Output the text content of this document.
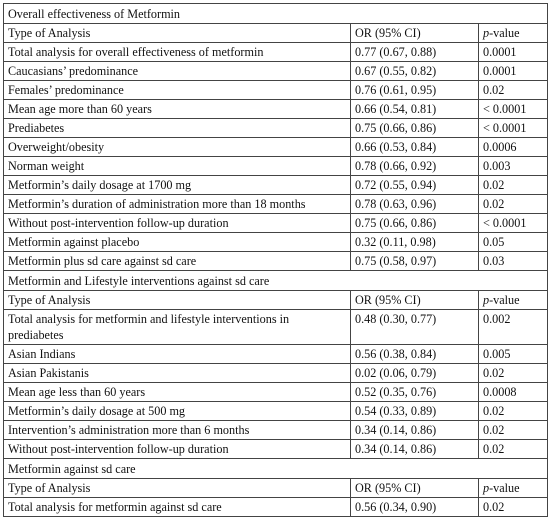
Overall effectiveness of Metformin		
Type of Analysis	OR (95% CI)	p-value
Total analysis for overall effectiveness of metformin	0.77 (0.67, 0.88)	0.0001
Caucasians’ predominance	0.67 (0.55, 0.82)	0.0001
Females’ predominance	0.76 (0.61, 0.95)	0.02
Mean age more than 60 years	0.66 (0.54, 0.81)	< 0.0001
Prediabetes	0.75 (0.66, 0.86)	< 0.0001
Overweight/obesity	0.66 (0.53, 0.84)	0.0006
Norman weight	0.78 (0.66, 0.92)	0.003
Metformin’s daily dosage at 1700 mg	0.72 (0.55, 0.94)	0.02
Metformin’s duration of administration more than 18 months	0.78 (0.63, 0.96)	0.02
Without post-intervention follow-up duration	0.75 (0.66, 0.86)	< 0.0001
Metformin against placebo	0.32 (0.11, 0.98)	0.05
Metformin plus sd care against sd care	0.75 (0.58, 0.97)	0.03
Metformin and Lifestyle interventions against sd care		
Type of Analysis	OR (95% CI)	p-value
Total analysis for metformin and lifestyle interventions in prediabetes	0.48 (0.30, 0.77)	0.002
Asian Indians	0.56 (0.38, 0.84)	0.005
Asian Pakistanis	0.02 (0.06, 0.79)	0.02
Mean age less than 60 years	0.52 (0.35, 0.76)	0.0008
Metformin’s daily dosage at 500 mg	0.54 (0.33, 0.89)	0.02
Intervention’s administration more than 6 months	0.34 (0.14, 0.86)	0.02
Without post-intervention follow-up duration	0.34 (0.14, 0.86)	0.02
Metformin against sd care		
Type of Analysis	OR (95% CI)	p-value
Total analysis for metformin against sd care	0.56 (0.34, 0.90)	0.02
